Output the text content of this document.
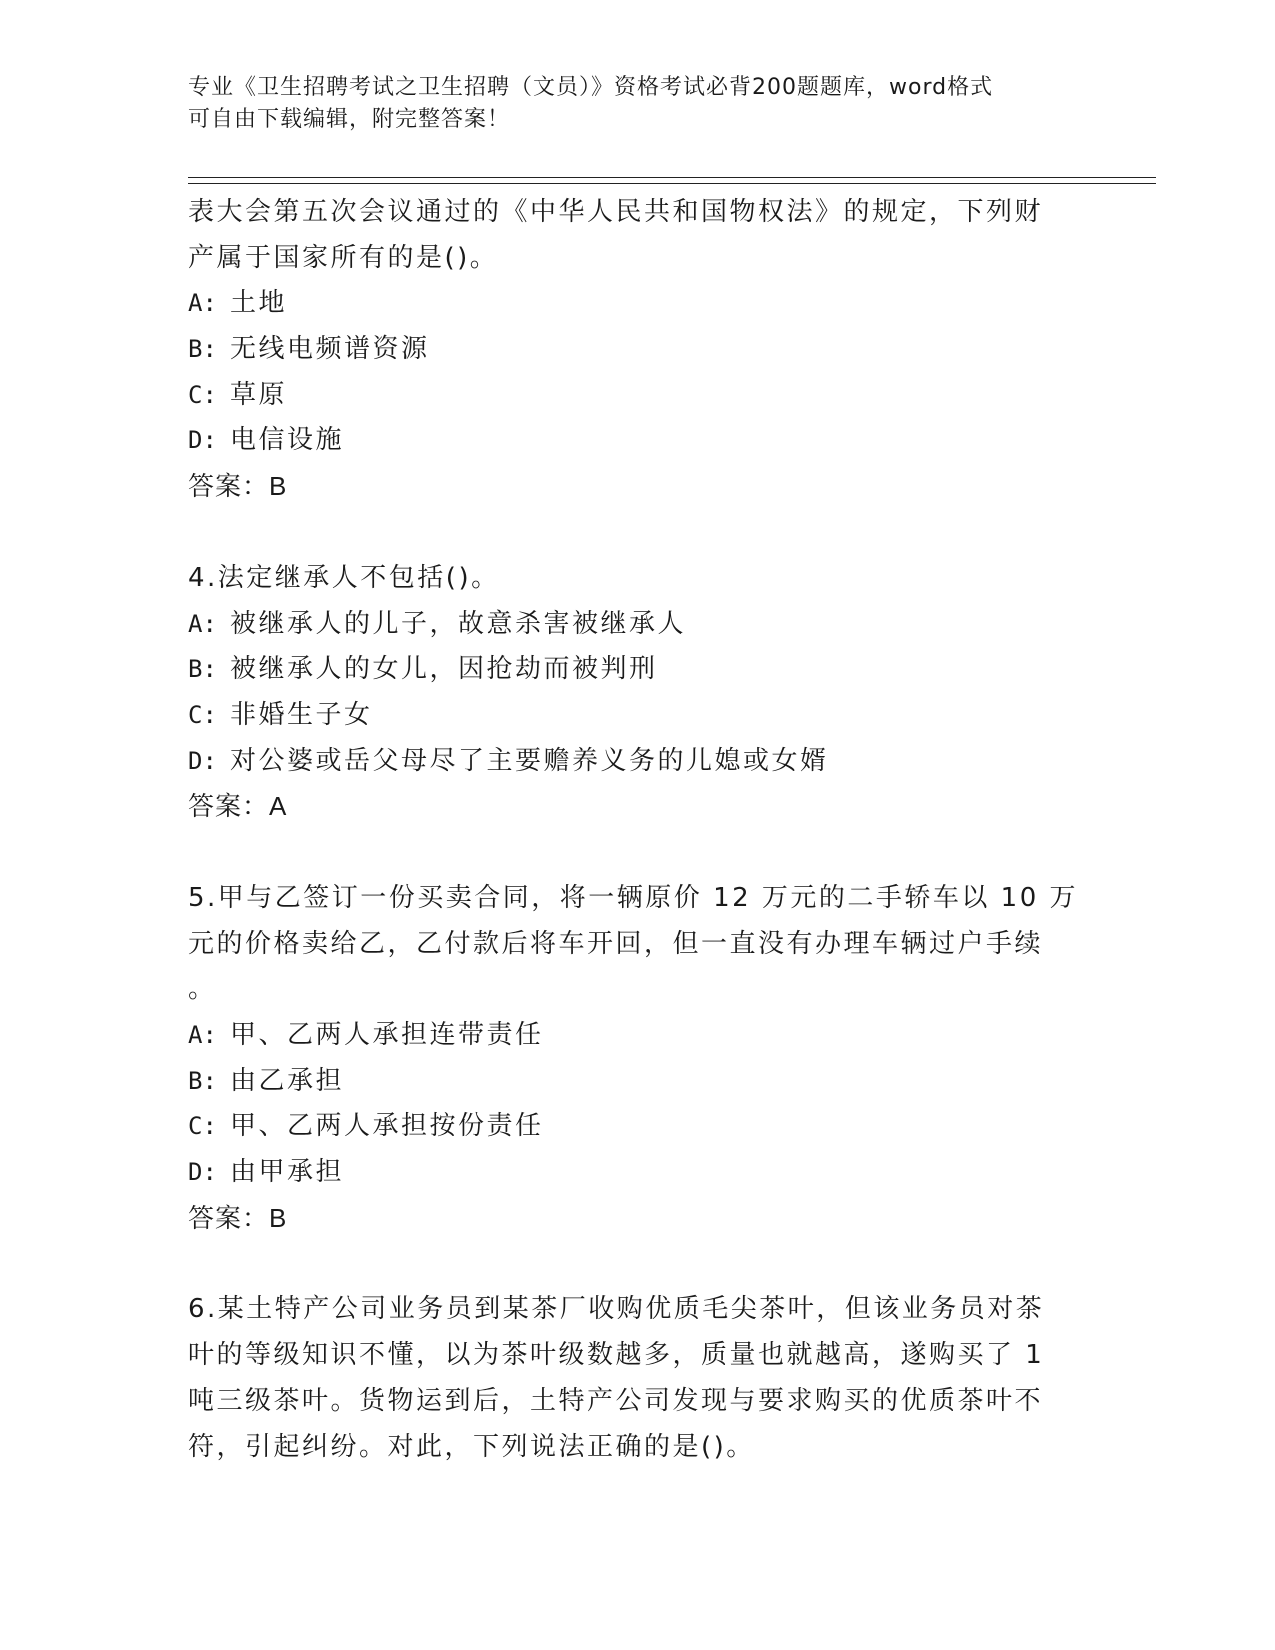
专业《卫生招聘考试之卫生招聘（文员）》资格考试必背200题题库，word格式
可自由下载编辑，附完整答案！
表大会第五次会议通过的《中华人民共和国物权法》的规定，下列财
产属于国家所有的是()。
A: 土地
B: 无线电频谱资源
C: 草原
D: 电信设施
答案：B
4.法定继承人不包括()。
A: 被继承人的儿子，故意杀害被继承人
B: 被继承人的女儿，因抢劫而被判刑
C: 非婚生子女
D: 对公婆或岳父母尽了主要赡养义务的儿媳或女婿
答案：A
5.甲与乙签订一份买卖合同，将一辆原价 12 万元的二手轿车以 10 万
元的价格卖给乙，乙付款后将车开回，但一直没有办理车辆过户手续
。
A: 甲、乙两人承担连带责任
B: 由乙承担
C: 甲、乙两人承担按份责任
D: 由甲承担
答案：B
6.某土特产公司业务员到某茶厂收购优质毛尖茶叶，但该业务员对茶
叶的等级知识不懂，以为茶叶级数越多，质量也就越高，遂购买了 1
吨三级茶叶。货物运到后，土特产公司发现与要求购买的优质茶叶不
符，引起纠纷。对此，下列说法正确的是()。
